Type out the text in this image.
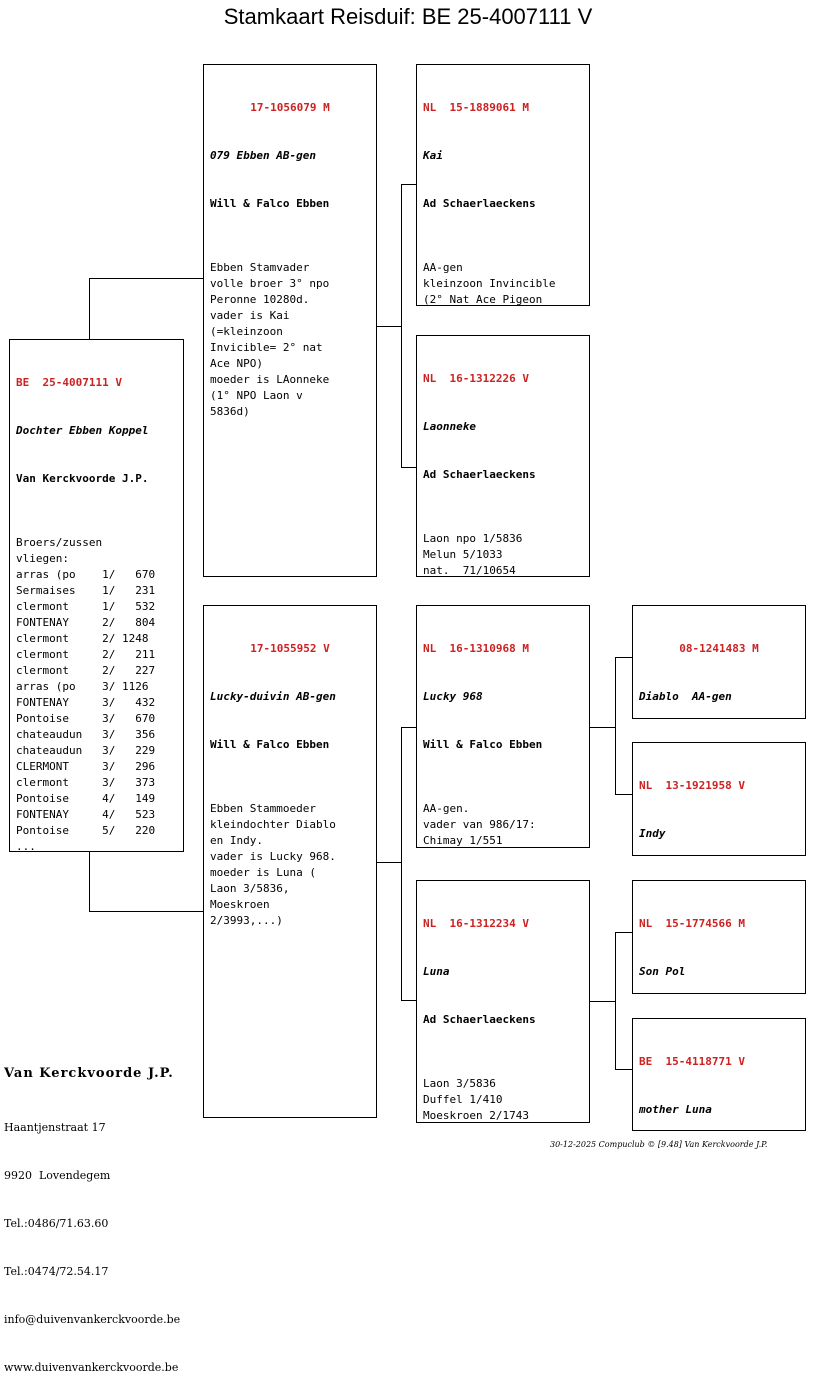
Stamkaart Reisduif: BE 25-4007111 V

BE  25-4007111 V

Dochter Ebben Koppel

Van Kerckvoorde J.P.

Broers/zussen
vliegen:
arras (po    1/   670
Sermaises    1/   231
clermont     1/   532
FONTENAY     2/   804
clermont     2/ 1248
clermont     2/   211
clermont     2/   227
arras (po    3/ 1126
FONTENAY     3/   432
Pontoise     3/   670
chateaudun   3/   356
chateaudun   3/   229
CLERMONT     3/   296
clermont     3/   373
Pontoise     4/   149
FONTENAY     4/   523
Pontoise     5/   220
...

17-1056079 M

079 Ebben AB-gen

Will & Falco Ebben

Ebben Stamvader
volle broer 3° npo
Peronne 10280d.
vader is Kai
(=kleinzoon
Invicible= 2° nat
Ace NPO)
moeder is LAonneke
(1° NPO Laon v
5836d)

17-1055952 V

Lucky-duivin AB-gen

Will & Falco Ebben

Ebben Stammoeder
kleindochter Diablo
en Indy.
vader is Lucky 968.
moeder is Luna (
Laon 3/5836,
Moeskroen
2/3993,...)

NL  15-1889061 M

Kai

Ad Schaerlaeckens

AA-gen
kleinzoon Invincible
(2° Nat Ace Pigeon

NL  16-1312226 V

Laonneke

Ad Schaerlaeckens

Laon npo 1/5836
Melun 5/1033
nat.  71/10654

NL  16-1310968 M

Lucky 968

Will & Falco Ebben

AA-gen.
vader van 986/17:
Chimay 1/551

NL  16-1312234 V

Luna

Ad Schaerlaeckens

Laon 3/5836
Duffel 1/410
Moeskroen 2/1743

08-1241483 M

Diablo  AA-gen

NL  13-1921958 V

Indy

NL  15-1774566 M

Son Pol

BE  15-4118771 V

mother Luna

Van Kerckvoorde J.P.

Haantjenstraat 17

9920  Lovendegem

Tel.:0486/71.63.60

Tel.:0474/72.54.17

info@duivenvankerckvoorde.be

www.duivenvankerckvoorde.be

30-12-2025 Compuclub © [9.48] Van Kerckvoorde J.P.
